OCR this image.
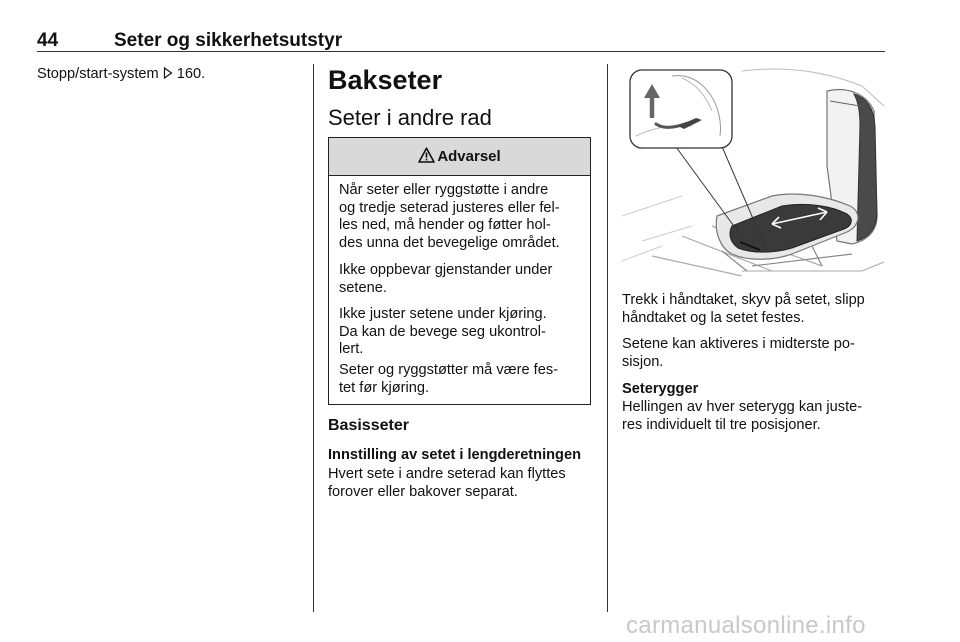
44	Seter og sikkerhetsutstyr
Stopp/start-system 160.	Bakseter
Seter i andre rad
Advarsel
Når seter eller ryggstøtte i andre
og tredje seterad justeres eller fel-
les ned, må hender og føtter hol-
des unna det bevegelige området.
Ikke oppbevar gjenstander under
setene.
Ikke juster setene under kjøring.
Da kan de bevege seg ukontrol-
lert.
Seter og ryggstøtter må være fes-
tet før kjøring.
Basisseter
Innstilling av setet i lengderetningen
Hvert sete i andre seterad kan flyttes
forover eller bakover separat.
Trekk i håndtaket, skyv på setet, slipp
håndtaket og la setet festes.
Setene kan aktiveres i midterste po-
sisjon.
Seterygger
Hellingen av hver seterygg kan juste-
res individuelt til tre posisjoner.
carmanualsonline.info
